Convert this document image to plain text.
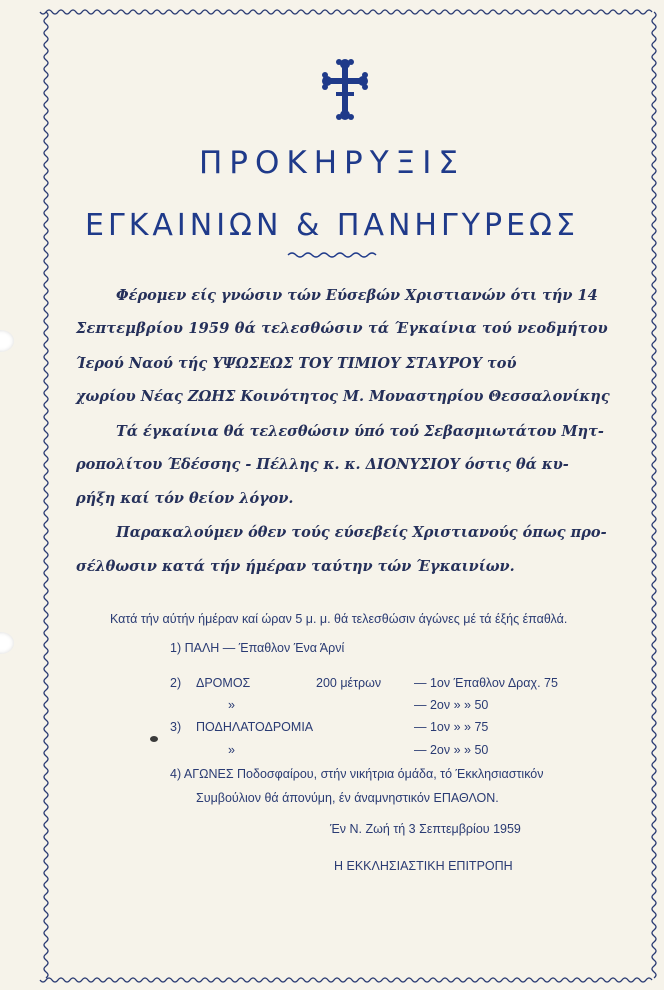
ΠΡΟΚΗΡΥΞΙΣ
ΕΓΚΑΙΝΙΩΝ & ΠΑΝΗΓΥΡΕΩΣ
Φέρομεν είς γνώσιν τών Εύσεβών Χριστιανών ότι τήν 14
Σεπτεμβρίου 1959 θά τελεσθώσιν τά Έγκαίνια τού νεοδμήτου
Ίερού Ναού τής ΥΨΩΣΕΩΣ ΤΟΥ ΤΙΜΙΟΥ ΣΤΑΥΡΟΥ τού
χωρίου Νέας ΖΩΗΣ Κοινότητος Μ. Μοναστηρίου Θεσσαλονίκης
Τά έγκαίνια θά τελεσθώσιν ύπό τού Σεβασμιωτάτου Μητ-
ροπολίτου Έδέσσης - Πέλλης κ. κ. ΔΙΟΝΥΣΙΟΥ όστις θά κυ-
ρήξη καί τόν θείον λόγον.
Παρακαλούμεν όθεν τούς εύσεβείς Χριστιανούς όπως προ-
σέλθωσιν κατά τήν ήμέραν ταύτην τών Έγκαινίων.
Κατά τήν αύτήν ήμέραν καί ώραν 5 μ. μ. θά τελεσθώσιν άγώνες μέ τά έξής έπαθλά.
1) ΠΑΛΗ — Έπαθλον Ένα Άρνί
2) ΔΡΟΜΟΣ	200 μέτρων	— 1ον Έπαθλον Δραχ. 75
»	— 2ον » » 50
3) ΠΟΔΗΛΑΤΟΔΡΟΜΙΑ	— 1ον » » 75
»	— 2ον » » 50
4) ΑΓΩΝΕΣ Ποδοσφαίρου, στήν νικήτρια όμάδα, τό Έκκλησιαστικόν
Συμβούλιον θά άπονύμη, έν άναμνηστικόν ΕΠΑΘΛΟΝ.
Έν Ν. Ζωή τή 3 Σεπτεμβρίου 1959
Η ΕΚΚΛΗΣΙΑΣΤΙΚΗ ΕΠΙΤΡΟΠΗ
